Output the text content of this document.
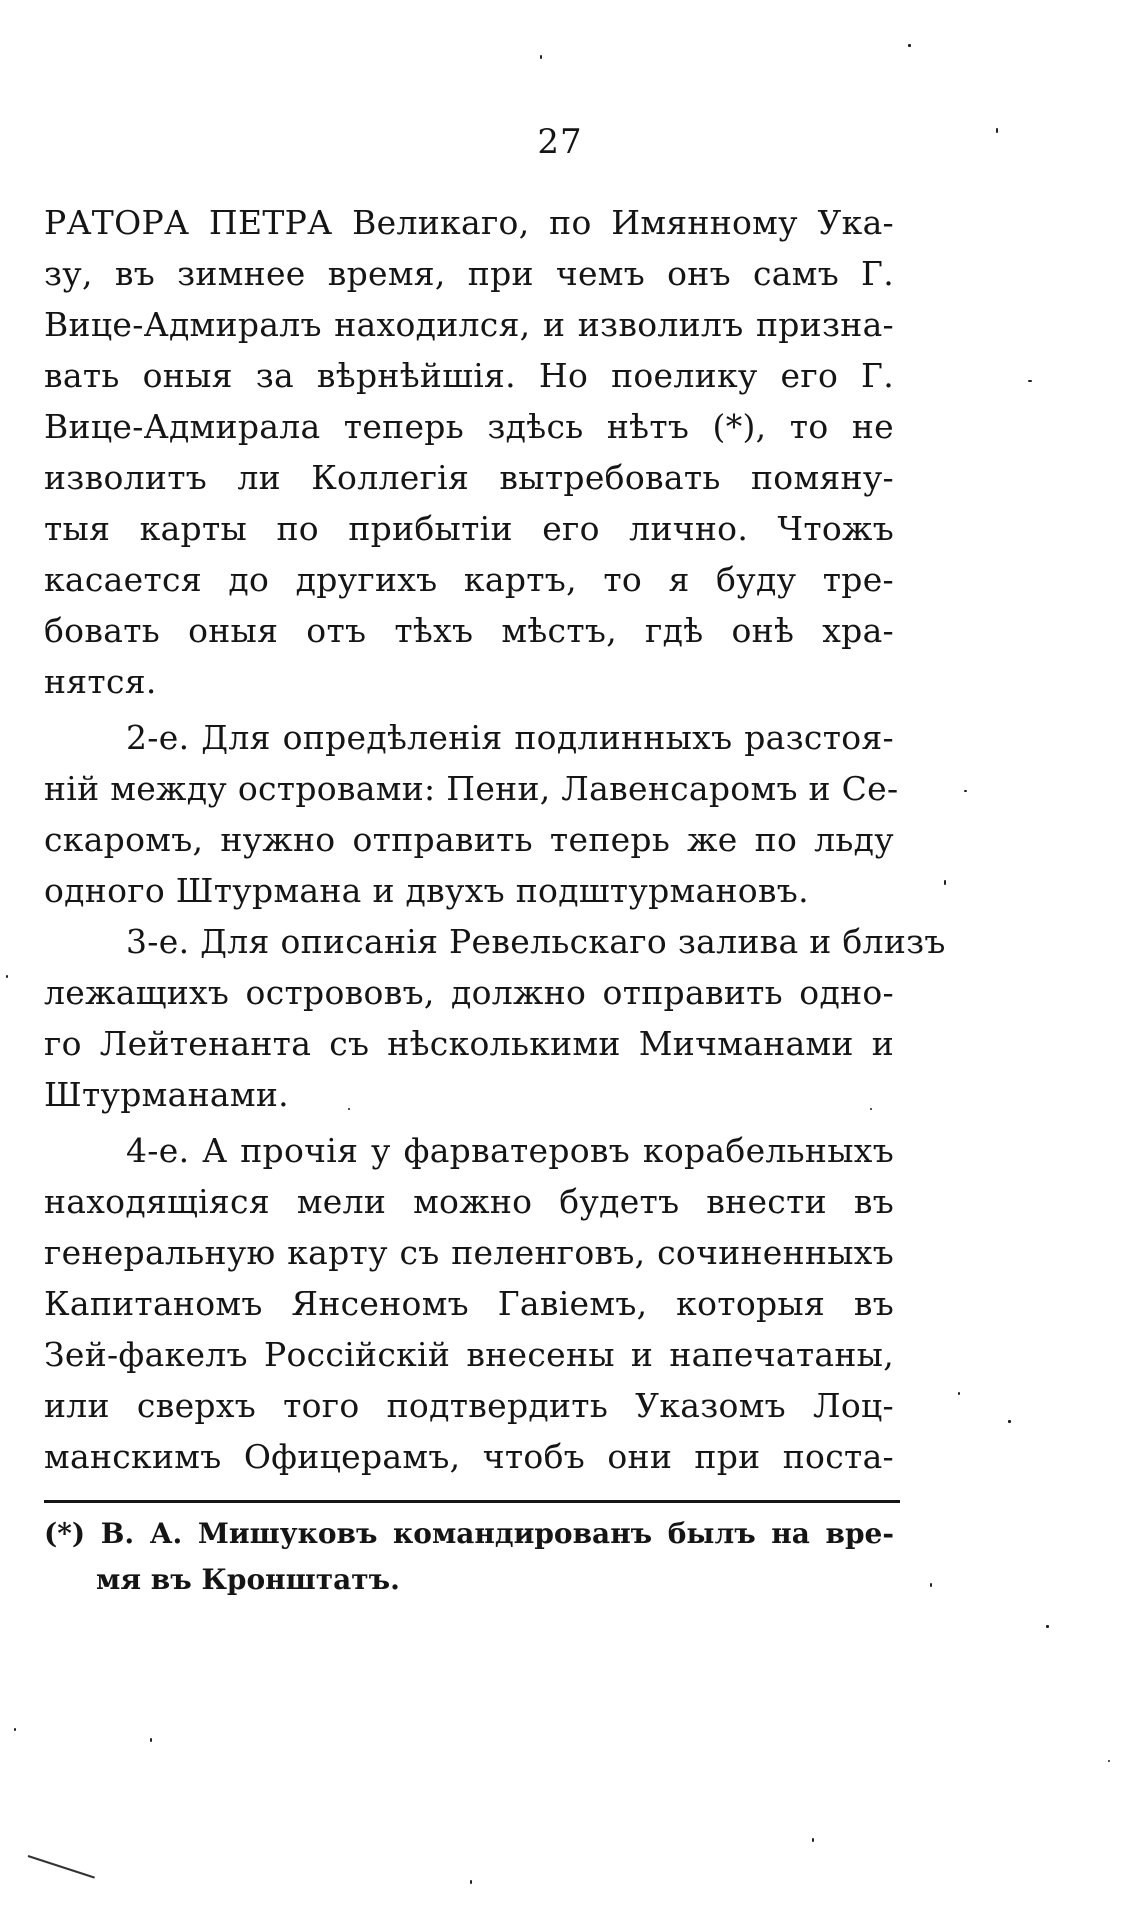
27
РАТОРА ПЕТРА Великаго, по Имянному Ука-
зу, въ зимнее время, при чемъ онъ самъ Г.
Вице-Адмиралъ находился, и изволилъ призна-
вать оныя за вѣрнѣйшія. Но поелику его Г.
Вице-Адмирала теперь здѣсь нѣтъ (*), то не
изволитъ ли Коллегія вытребовать помяну-
тыя карты по прибытіи его лично. Чтожъ
касается до другихъ картъ, то я буду тре-
бовать оныя отъ тѣхъ мѣстъ, гдѣ онѣ хра-
нятся.
2-е. Для опредѣленія подлинныхъ разстоя-
ній между островами: Пени, Лавенсаромъ и Се-
скаромъ, нужно отправить теперь же по льду
одного Штурмана и двухъ подштурмановъ.
3-е. Для описанія Ревельскаго залива и близъ
лежащихъ острововъ, должно отправить одно-
го Лейтенанта съ нѣсколькими Мичманами и
Штурманами.
4-е. А прочія у фарватеровъ корабельныхъ
находящіяся мели можно будетъ внести въ
генеральную карту съ пеленговъ, сочиненныхъ
Капитаномъ Янсеномъ Гавіемъ, которыя въ
Зей-факелъ Россійскій внесены и напечатаны,
или сверхъ того подтвердить Указомъ Лоц-
манскимъ Офицерамъ, чтобъ они при поста-
(*) В. А. Мишуковъ командированъ былъ на вре-
мя въ Кронштатъ.
